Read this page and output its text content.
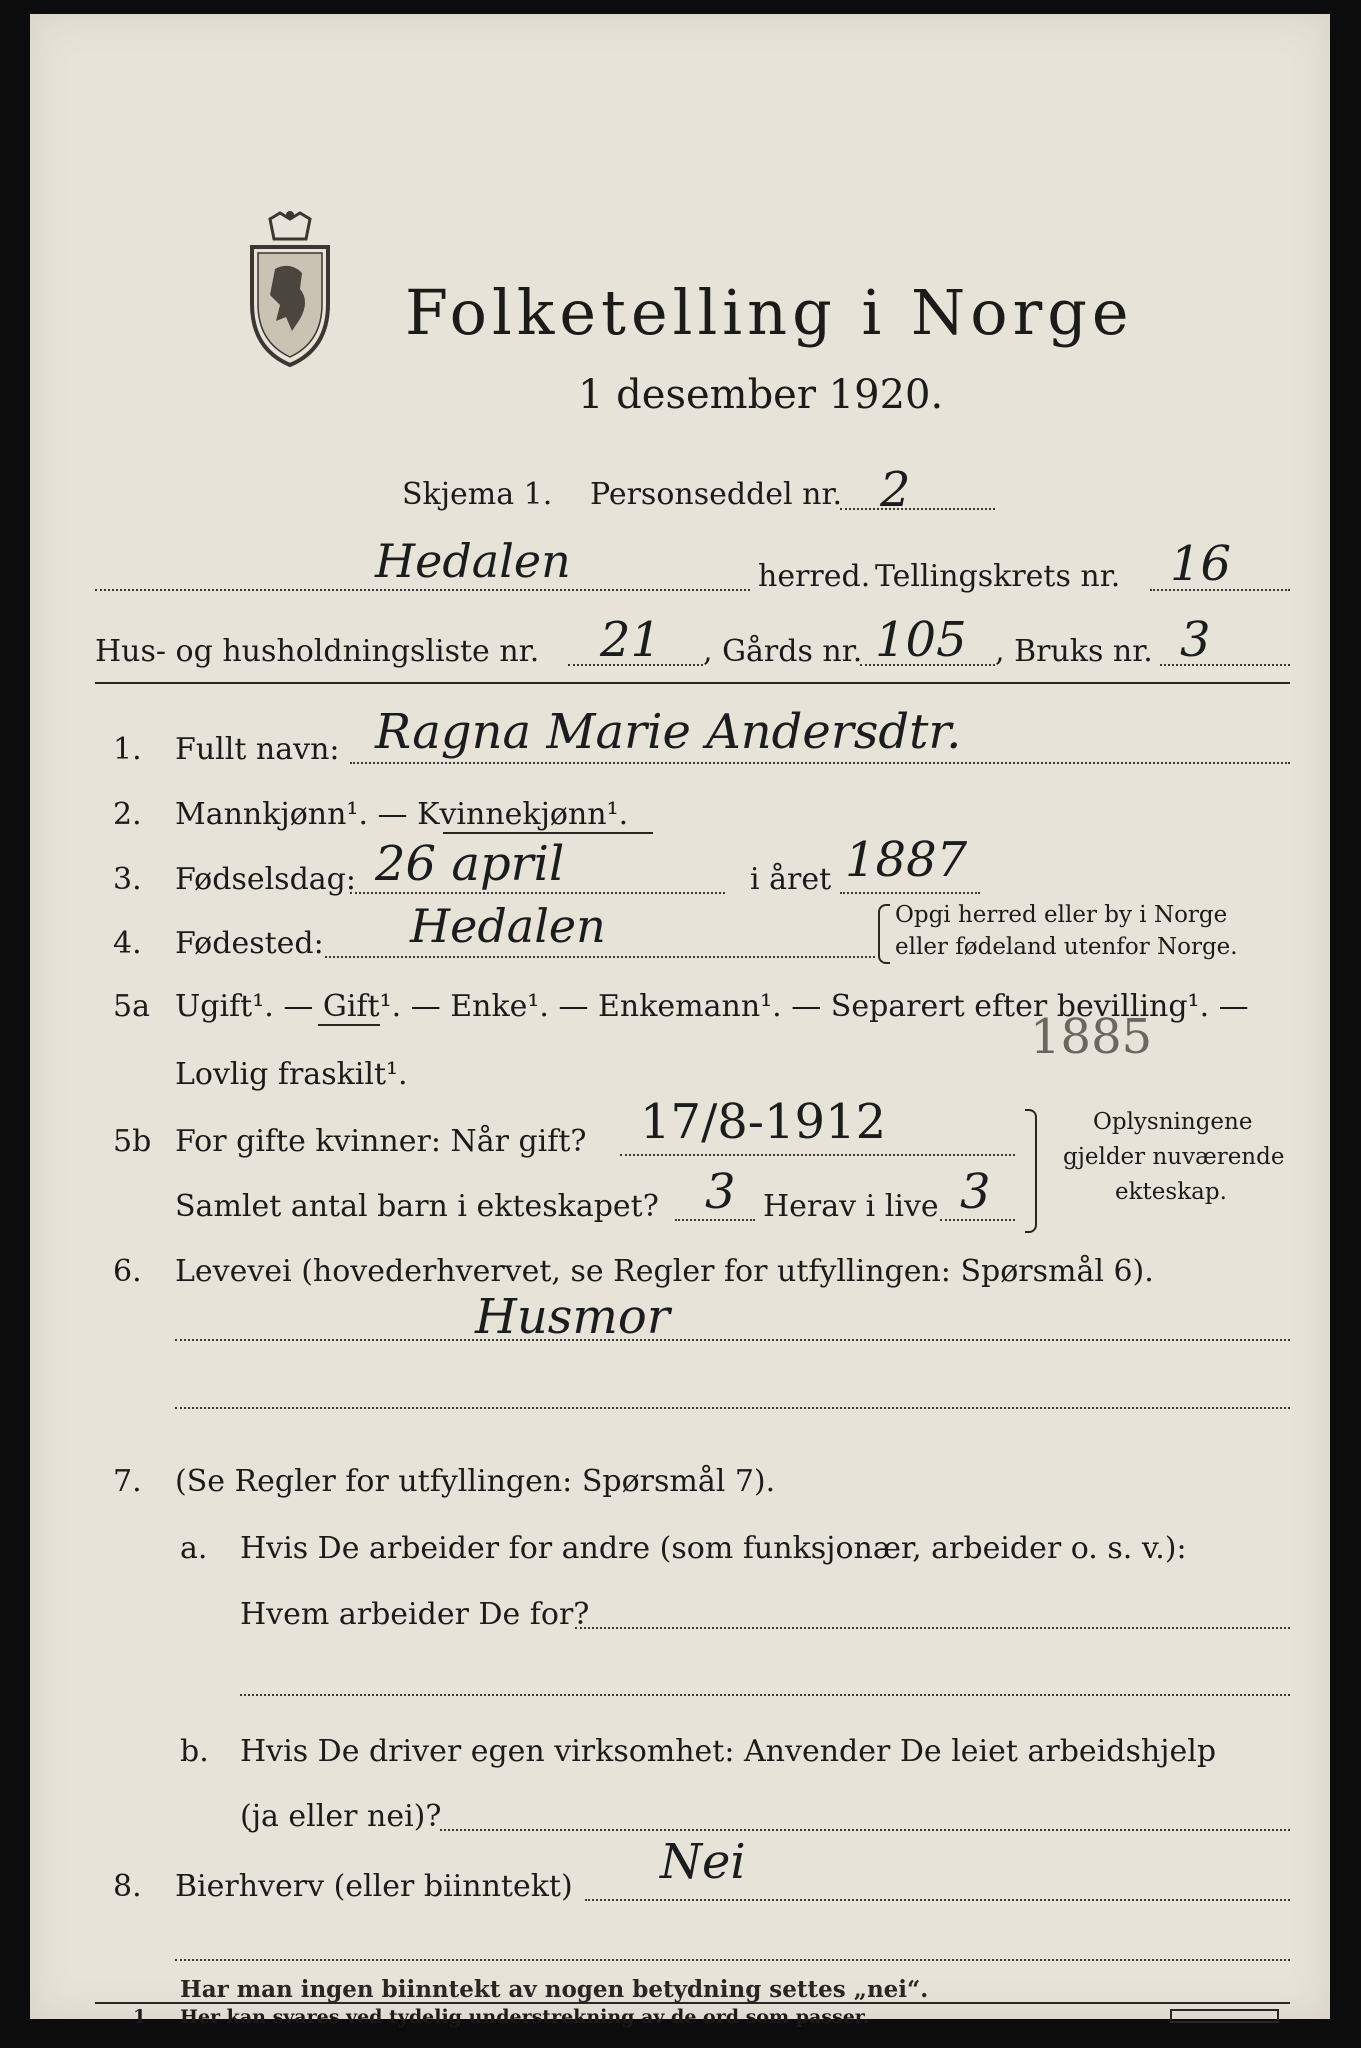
Folketelling i Norge
1 desember 1920.
Skjema 1. Personseddel nr. 2
Hedalen	herred. Tellingskrets nr. 16
Hus- og husholdningsliste nr. 21 , Gårds nr. 105 , Bruks nr. 3
1. Fullt navn: Ragna Marie Andersdtr.
2. Mannkjønn¹. — Kvinnekjønn¹.
3. Fødselsdag: 26 april	i året 1887
4. Fødested: Hedalen	Opgi herred eller by i Norge
eller fødeland utenfor Norge.
5a Ugift¹. — Gift¹. — Enke¹. — Enkemann¹. — Separert efter bevilling¹. —
Lovlig fraskilt¹.
1885
5b For gifte kvinner: Når gift? 17/8-1912
Samlet antal barn i ekteskapet? 3 Herav i live 3
Oplysningene
gjelder nuværende
ekteskap.
6. Levevei (hovederhvervet, se Regler for utfyllingen: Spørsmål 6).
Husmor
7. (Se Regler for utfyllingen: Spørsmål 7).
a. Hvis De arbeider for andre (som funksjonær, arbeider o. s. v.):
Hvem arbeider De for?
b. Hvis De driver egen virksomhet: Anvender De leiet arbeidshjelp
(ja eller nei)?
8. Bierhverv (eller biinntekt) Nei
Har man ingen biinntekt av nogen betydning settes „nei“.
1 Her kan svares ved tydelig understrekning av de ord som passer.
